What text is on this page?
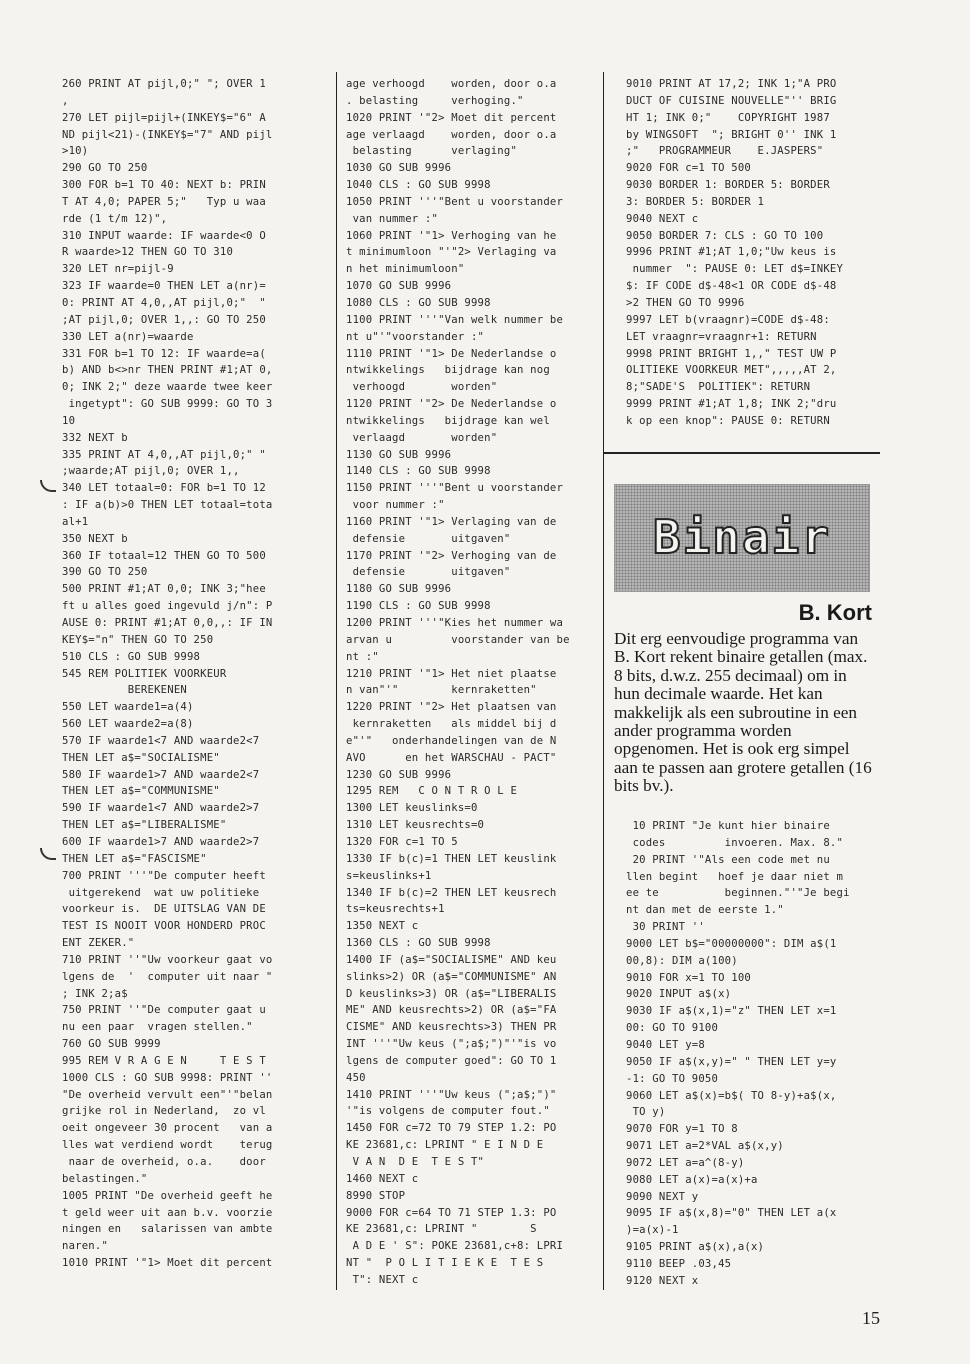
260 PRINT AT pijl,0;" "; OVER 1
,
270 LET pijl=pijl+(INKEY$="6" A
ND pijl<21)-(INKEY$="7" AND pijl
>10)
290 GO TO 250
300 FOR b=1 TO 40: NEXT b: PRIN
T AT 4,0; PAPER 5;"   Typ u waa
rde (1 t/m 12)",
310 INPUT waarde: IF waarde<0 O
R waarde>12 THEN GO TO 310
320 LET nr=pijl-9
323 IF waarde=0 THEN LET a(nr)=
0: PRINT AT 4,0,,AT pijl,0;"  "
;AT pijl,0; OVER 1,,: GO TO 250
330 LET a(nr)=waarde
331 FOR b=1 TO 12: IF waarde=a(
b) AND b<>nr THEN PRINT #1;AT 0,
0; INK 2;" deze waarde twee keer
ingetypt": GO SUB 9999: GO TO 3
10
332 NEXT b
335 PRINT AT 4,0,,AT pijl,0;" "
;waarde;AT pijl,0; OVER 1,,
340 LET totaal=0: FOR b=1 TO 12
: IF a(b)>0 THEN LET totaal=tota
al+1
350 NEXT b
360 IF totaal=12 THEN GO TO 500
390 GO TO 250
500 PRINT #1;AT 0,0; INK 3;"hee
ft u alles goed ingevuld j/n": P
AUSE 0: PRINT #1;AT 0,0,,: IF IN
KEY$="n" THEN GO TO 250
510 CLS : GO SUB 9998
545 REM POLITIEK VOORKEUR
BEREKENEN
550 LET waarde1=a(4)
560 LET waarde2=a(8)
570 IF waarde1<7 AND waarde2<7
THEN LET a$="SOCIALISME"
580 IF waarde1>7 AND waarde2<7
THEN LET a$="COMMUNISME"
590 IF waarde1<7 AND waarde2>7
THEN LET a$="LIBERALISME"
600 IF waarde1>7 AND waarde2>7
THEN LET a$="FASCISME"
700 PRINT '''"De computer heeft
uitgerekend  wat uw politieke
voorkeur is.  DE UITSLAG VAN DE
TEST IS NOOIT VOOR HONDERD PROC
ENT ZEKER."
710 PRINT ''"Uw voorkeur gaat vo
lgens de  '  computer uit naar "
; INK 2;a$
750 PRINT ''"De computer gaat u
nu een paar  vragen stellen."
760 GO SUB 9999
995 REM V R A G E N     T E S T
1000 CLS : GO SUB 9998: PRINT ''
"De overheid vervult een"'"belan
grijke rol in Nederland,  zo vl
oeit ongeveer 30 procent   van a
lles wat verdiend wordt    terug
naar de overheid, o.a.    door
belastingen."
1005 PRINT "De overheid geeft he
t geld weer uit aan b.v. voorzie
ningen en   salarissen van ambte
naren."
1010 PRINT '"1> Moet dit percent
age verhoogd    worden, door o.a
. belasting     verhoging."
1020 PRINT '"2> Moet dit percent
age verlaagd    worden, door o.a
belasting      verlaging"
1030 GO SUB 9996
1040 CLS : GO SUB 9998
1050 PRINT '''"Bent u voorstander
van nummer :"
1060 PRINT '"1> Verhoging van he
t minimumloon "'"2> Verlaging va
n het minimumloon"
1070 GO SUB 9996
1080 CLS : GO SUB 9998
1100 PRINT '''"Van welk nummer be
nt u"'"voorstander :"
1110 PRINT '"1> De Nederlandse o
ntwikkelings   bijdrage kan nog
verhoogd       worden"
1120 PRINT '"2> De Nederlandse o
ntwikkelings   bijdrage kan wel
verlaagd       worden"
1130 GO SUB 9996
1140 CLS : GO SUB 9998
1150 PRINT '''"Bent u voorstander
voor nummer :"
1160 PRINT '"1> Verlaging van de
defensie       uitgaven"
1170 PRINT '"2> Verhoging van de
defensie       uitgaven"
1180 GO SUB 9996
1190 CLS : GO SUB 9998
1200 PRINT '''"Kies het nummer wa
arvan u         voorstander van be
nt :"
1210 PRINT '"1> Het niet plaatse
n van"'"        kernraketten"
1220 PRINT '"2> Het plaatsen van
kernraketten   als middel bij d
e"'"   onderhandelingen van de N
AVO      en het WARSCHAU - PACT"
1230 GO SUB 9996
1295 REM   C O N T R O L E
1300 LET keuslinks=0
1310 LET keusrechts=0
1320 FOR c=1 TO 5
1330 IF b(c)=1 THEN LET keuslink
s=keuslinks+1
1340 IF b(c)=2 THEN LET keusrech
ts=keusrechts+1
1350 NEXT c
1360 CLS : GO SUB 9998
1400 IF (a$="SOCIALISME" AND keu
slinks>2) OR (a$="COMMUNISME" AN
D keuslinks>3) OR (a$="LIBERALIS
ME" AND keusrechts>2) OR (a$="FA
CISME" AND keusrechts>3) THEN PR
INT '''"Uw keus (";a$;")"'"is vo
lgens de computer goed": GO TO 1
450
1410 PRINT '''"Uw keus (";a$;")"
'"is volgens de computer fout."
1450 FOR c=72 TO 79 STEP 1.2: PO
KE 23681,c: LPRINT " E I N D E
V A N  D E  T E S T"
1460 NEXT c
8990 STOP
9000 FOR c=64 TO 71 STEP 1.3: PO
KE 23681,c: LPRINT "        S
A D E ' S": POKE 23681,c+8: LPRI
NT "  P O L I T I E K E  T E S
T": NEXT c
9010 PRINT AT 17,2; INK 1;"A PRO
DUCT OF CUISINE NOUVELLE"'' BRIG
HT 1; INK 0;"    COPYRIGHT 1987
by WINGSOFT  "; BRIGHT 0'' INK 1
;"   PROGRAMMEUR    E.JASPERS"
9020 FOR c=1 TO 500
9030 BORDER 1: BORDER 5: BORDER
3: BORDER 5: BORDER 1
9040 NEXT c
9050 BORDER 7: CLS : GO TO 100
9996 PRINT #1;AT 1,0;"Uw keus is
nummer  ": PAUSE 0: LET d$=INKEY
$: IF CODE d$-48<1 OR CODE d$-48
>2 THEN GO TO 9996
9997 LET b(vraagnr)=CODE d$-48:
LET vraagnr=vraagnr+1: RETURN
9998 PRINT BRIGHT 1,," TEST UW P
OLITIEKE VOORKEUR MET",,,,,AT 2,
8;"SADE'S  POLITIEK": RETURN
9999 PRINT #1;AT 1,8; INK 2;"dru
k op een knop": PAUSE 0: RETURN
Binair
B. Kort

Dit erg eenvoudige programma van B. Kort rekent binaire getallen (max. 8 bits, d.w.z. 255 decimaal) om in hun decimale waarde. Het kan makkelijk als een subroutine in een ander programma worden opgenomen. Het is ook erg simpel aan te passen aan grotere getallen (16 bits bv.).

10 PRINT "Je kunt hier binaire
codes         invoeren. Max. 8."
20 PRINT '"Als een code met nu
llen begint   hoef je daar niet m
ee te          beginnen."'"Je begi
nt dan met de eerste 1."
30 PRINT ''
9000 LET b$="00000000": DIM a$(1
00,8): DIM a(100)
9010 FOR x=1 TO 100
9020 INPUT a$(x)
9030 IF a$(x,1)="z" THEN LET x=1
00: GO TO 9100
9040 LET y=8
9050 IF a$(x,y)=" " THEN LET y=y
-1: GO TO 9050
9060 LET a$(x)=b$( TO 8-y)+a$(x,
TO y)
9070 FOR y=1 TO 8
9071 LET a=2*VAL a$(x,y)
9072 LET a=a^(8-y)
9080 LET a(x)=a(x)+a
9090 NEXT y
9095 IF a$(x,8)="0" THEN LET a(x
)=a(x)-1
9105 PRINT a$(x),a(x)
9110 BEEP .03,45
9120 NEXT x
15
